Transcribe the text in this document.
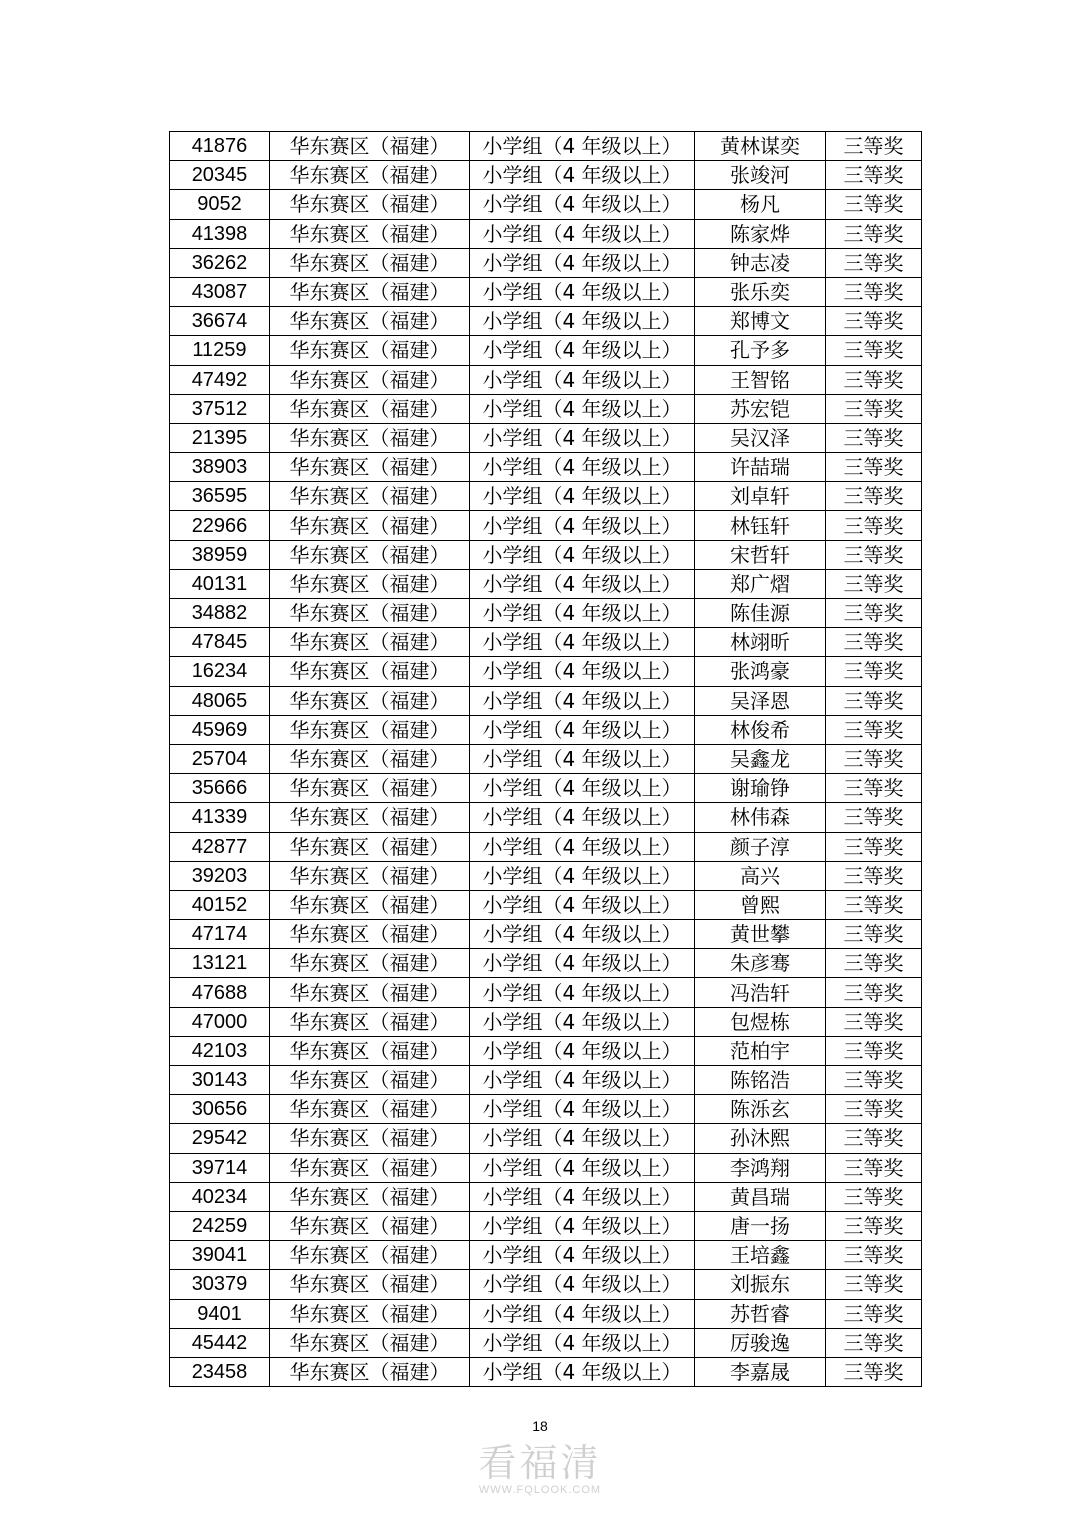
41876	华东赛区（福建）	小学组（4 年级以上）	黄林谋奕	三等奖
20345	华东赛区（福建）	小学组（4 年级以上）	张竣河	三等奖
9052	华东赛区（福建）	小学组（4 年级以上）	杨凡	三等奖
41398	华东赛区（福建）	小学组（4 年级以上）	陈家烨	三等奖
36262	华东赛区（福建）	小学组（4 年级以上）	钟志凌	三等奖
43087	华东赛区（福建）	小学组（4 年级以上）	张乐奕	三等奖
36674	华东赛区（福建）	小学组（4 年级以上）	郑博文	三等奖
11259	华东赛区（福建）	小学组（4 年级以上）	孔予多	三等奖
47492	华东赛区（福建）	小学组（4 年级以上）	王智铭	三等奖
37512	华东赛区（福建）	小学组（4 年级以上）	苏宏铠	三等奖
21395	华东赛区（福建）	小学组（4 年级以上）	吴汉泽	三等奖
38903	华东赛区（福建）	小学组（4 年级以上）	许喆瑞	三等奖
36595	华东赛区（福建）	小学组（4 年级以上）	刘卓轩	三等奖
22966	华东赛区（福建）	小学组（4 年级以上）	林钰轩	三等奖
38959	华东赛区（福建）	小学组（4 年级以上）	宋哲轩	三等奖
40131	华东赛区（福建）	小学组（4 年级以上）	郑广熠	三等奖
34882	华东赛区（福建）	小学组（4 年级以上）	陈佳源	三等奖
47845	华东赛区（福建）	小学组（4 年级以上）	林翊昕	三等奖
16234	华东赛区（福建）	小学组（4 年级以上）	张鸿豪	三等奖
48065	华东赛区（福建）	小学组（4 年级以上）	吴泽恩	三等奖
45969	华东赛区（福建）	小学组（4 年级以上）	林俊希	三等奖
25704	华东赛区（福建）	小学组（4 年级以上）	吴鑫龙	三等奖
35666	华东赛区（福建）	小学组（4 年级以上）	谢瑜铮	三等奖
41339	华东赛区（福建）	小学组（4 年级以上）	林伟森	三等奖
42877	华东赛区（福建）	小学组（4 年级以上）	颜子淳	三等奖
39203	华东赛区（福建）	小学组（4 年级以上）	高兴	三等奖
40152	华东赛区（福建）	小学组（4 年级以上）	曾熙	三等奖
47174	华东赛区（福建）	小学组（4 年级以上）	黄世攀	三等奖
13121	华东赛区（福建）	小学组（4 年级以上）	朱彦骞	三等奖
47688	华东赛区（福建）	小学组（4 年级以上）	冯浩轩	三等奖
47000	华东赛区（福建）	小学组（4 年级以上）	包煜栋	三等奖
42103	华东赛区（福建）	小学组（4 年级以上）	范柏宇	三等奖
30143	华东赛区（福建）	小学组（4 年级以上）	陈铭浩	三等奖
30656	华东赛区（福建）	小学组（4 年级以上）	陈泺玄	三等奖
29542	华东赛区（福建）	小学组（4 年级以上）	孙沐熙	三等奖
39714	华东赛区（福建）	小学组（4 年级以上）	李鸿翔	三等奖
40234	华东赛区（福建）	小学组（4 年级以上）	黄昌瑞	三等奖
24259	华东赛区（福建）	小学组（4 年级以上）	唐一扬	三等奖
39041	华东赛区（福建）	小学组（4 年级以上）	王培鑫	三等奖
30379	华东赛区（福建）	小学组（4 年级以上）	刘振东	三等奖
9401	华东赛区（福建）	小学组（4 年级以上）	苏哲睿	三等奖
45442	华东赛区（福建）	小学组（4 年级以上）	厉骏逸	三等奖
23458	华东赛区（福建）	小学组（4 年级以上）	李嘉晟	三等奖
18
看福清
WWW.FQLOOK.COM
